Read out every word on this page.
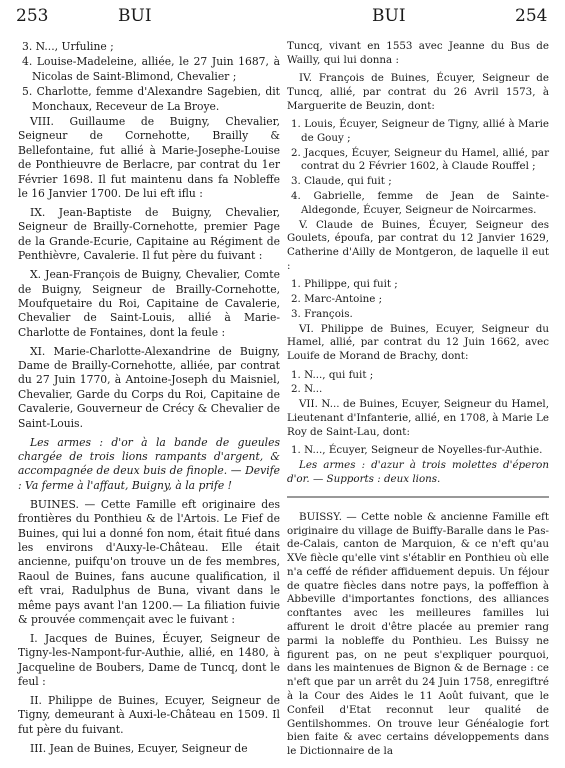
253	BUI	BUI	254

3. N..., Urfuline ;

4. Louise-Madeleine, alliée, le 27 Juin 1687, à Nicolas de Saint-Blimond, Chevalier ;

5. Charlotte, femme d'Alexandre Sagebien, dit Monchaux, Receveur de La Broye.

VIII. Guillaume de Buigny, Chevalier, Seigneur de Cornehotte, Brailly & Bellefontaine, fut allié à Marie-Josephe-Louise de Ponthieuvre de Berlacre, par contrat du 1er Février 1698. Il fut maintenu dans fa Nobleffe le 16 Janvier 1700. De lui eft iflu :

IX. Jean-Baptiste de Buigny, Chevalier, Seigneur de Brailly-Cornehotte, premier Page de la Grande-Ecurie, Capitaine au Régiment de Penthièvre, Cavalerie. Il fut père du fuivant :

X. Jean-François de Buigny, Chevalier, Comte de Buigny, Seigneur de Brailly-Cornehotte, Moufquetaire du Roi, Capitaine de Cavalerie, Chevalier de Saint-Louis, allié à Marie-Charlotte de Fontaines, dont la feule :

XI. Marie-Charlotte-Alexandrine de Buigny, Dame de Brailly-Cornehotte, alliée, par contrat du 27 Juin 1770, à Antoine-Joseph du Maisniel, Chevalier, Garde du Corps du Roi, Capitaine de Cavalerie, Gouverneur de Crécy & Chevalier de Saint-Louis.

Les armes : d'or à la bande de gueules chargée de trois lions rampants d'argent, & accompagnée de deux buis de finople. — Devife : Va ferme à l'affaut, Buigny, à la prife !

BUINES. — Cette Famille eft originaire des frontières du Ponthieu & de l'Artois. Le Fief de Buines, qui lui a donné fon nom, était fitué dans les environs d'Auxy-le-Château. Elle était ancienne, puifqu'on trouve un de fes membres, Raoul de Buines, fans aucune qualification, il eft vrai, Radulphus de Buna, vivant dans le même pays avant l'an 1200.— La filiation fuivie & prouvée commençait avec le fuivant :

I. Jacques de Buines, Écuyer, Seigneur de Tigny-les-Nampont-fur-Authie, allié, en 1480, à Jacqueline de Boubers, Dame de Tuncq, dont le feul :

II. Philippe de Buines, Ecuyer, Seigneur de Tigny, demeurant à Auxi-le-Château en 1509. Il fut père du fuivant.

III. Jean de Buines, Ecuyer, Seigneur de

Tuncq, vivant en 1553 avec Jeanne du Bus de Wailly, qui lui donna :

IV. François de Buines, Écuyer, Seigneur de Tuncq, allié, par contrat du 26 Avril 1573, à Marguerite de Beuzin, dont:

1. Louis, Écuyer, Seigneur de Tigny, allié à Marie de Gouy ;

2. Jacques, Écuyer, Seigneur du Hamel, allié, par contrat du 2 Février 1602, à Claude Rouffel ;

3. Claude, qui fuit ;

4. Gabrielle, femme de Jean de Sainte-Aldegonde, Écuyer, Seigneur de Noircarmes.

V. Claude de Buines, Écuyer, Seigneur des Goulets, époufa, par contrat du 12 Janvier 1629, Catherine d'Ailly de Montgeron, de laquelle il eut :

1. Philippe, qui fuit ;

2. Marc-Antoine ;

3. François.

VI. Philippe de Buines, Ecuyer, Seigneur du Hamel, allié, par contrat du 12 Juin 1662, avec Louife de Morand de Brachy, dont:

1. N..., qui fuit ;

2. N...

VII. N... de Buines, Ecuyer, Seigneur du Hamel, Lieutenant d'Infanterie, allié, en 1708, à Marie Le Roy de Saint-Lau, dont:

1. N..., Écuyer, Seigneur de Noyelles-fur-Authie.

Les armes : d'azur à trois molettes d'éperon d'or. — Supports : deux lions.

BUISSY. — Cette noble & ancienne Famille eft originaire du village de Buiffy-Baralle dans le Pas-de-Calais, canton de Marquion, & ce n'eft qu'au XVe fiècle qu'elle vint s'établir en Ponthieu où elle n'a ceffé de réfider affiduement depuis. Un féjour de quatre fiècles dans notre pays, la poffeffion à Abbeville d'importantes fonctions, des alliances conftantes avec les meilleures familles lui affurent le droit d'être placée au premier rang parmi la nobleffe du Ponthieu. Les Buissy ne figurent pas, on ne peut s'expliquer pourquoi, dans les maintenues de Bignon & de Bernage : ce n'eft que par un arrêt du 24 Juin 1758, enregiftré à la Cour des Aides le 11 Août fuivant, que le Confeil d'Etat reconnut leur qualité de Gentilshommes. On trouve leur Généalogie fort bien faite & avec certains développements dans le Dictionnaire de la
